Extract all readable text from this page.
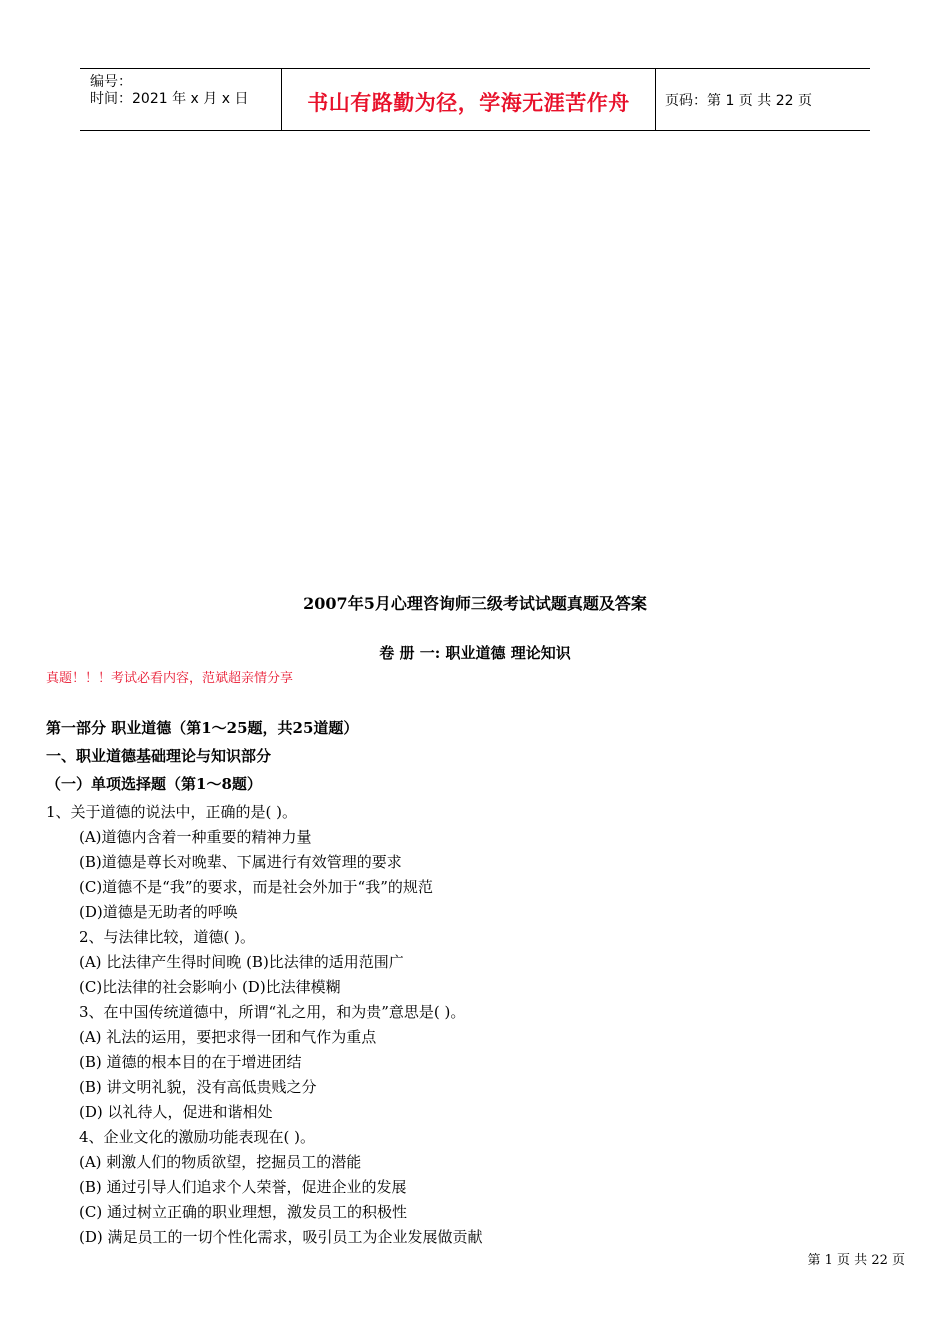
编号：
时间：2021 年 x 月 x 日	书山有路勤为径，学海无涯苦作舟	页码：第 1 页 共 22 页
2007年5月心理咨询师三级考试试题真题及答案
卷 册 一: 职业道德 理论知识
真题！！！考试必看内容，范斌超亲情分享
第一部分 职业道德（第1～25题，共25道题）
一、职业道德基础理论与知识部分
（一）单项选择题（第1～8题）
1、关于道德的说法中，正确的是( )。
(A)道德内含着一种重要的精神力量
(B)道德是尊长对晚辈、下属进行有效管理的要求
(C)道德不是“我”的要求，而是社会外加于“我”的规范
(D)道德是无助者的呼唤
2、与法律比较，道德( )。
(A) 比法律产生得时间晚 (B)比法律的适用范围广
(C)比法律的社会影响小 (D)比法律模糊
3、在中国传统道德中，所谓“礼之用，和为贵”意思是( )。
(A) 礼法的运用，要把求得一团和气作为重点
(B) 道德的根本目的在于增进团结
(B) 讲文明礼貌，没有高低贵贱之分
(D) 以礼待人，促进和谐相处
4、企业文化的激励功能表现在( )。
(A) 刺激人们的物质欲望，挖掘员工的潜能
(B) 通过引导人们追求个人荣誉，促进企业的发展
(C) 通过树立正确的职业理想，激发员工的积极性
(D) 满足员工的一切个性化需求，吸引员工为企业发展做贡献
第 1 页 共 22 页
